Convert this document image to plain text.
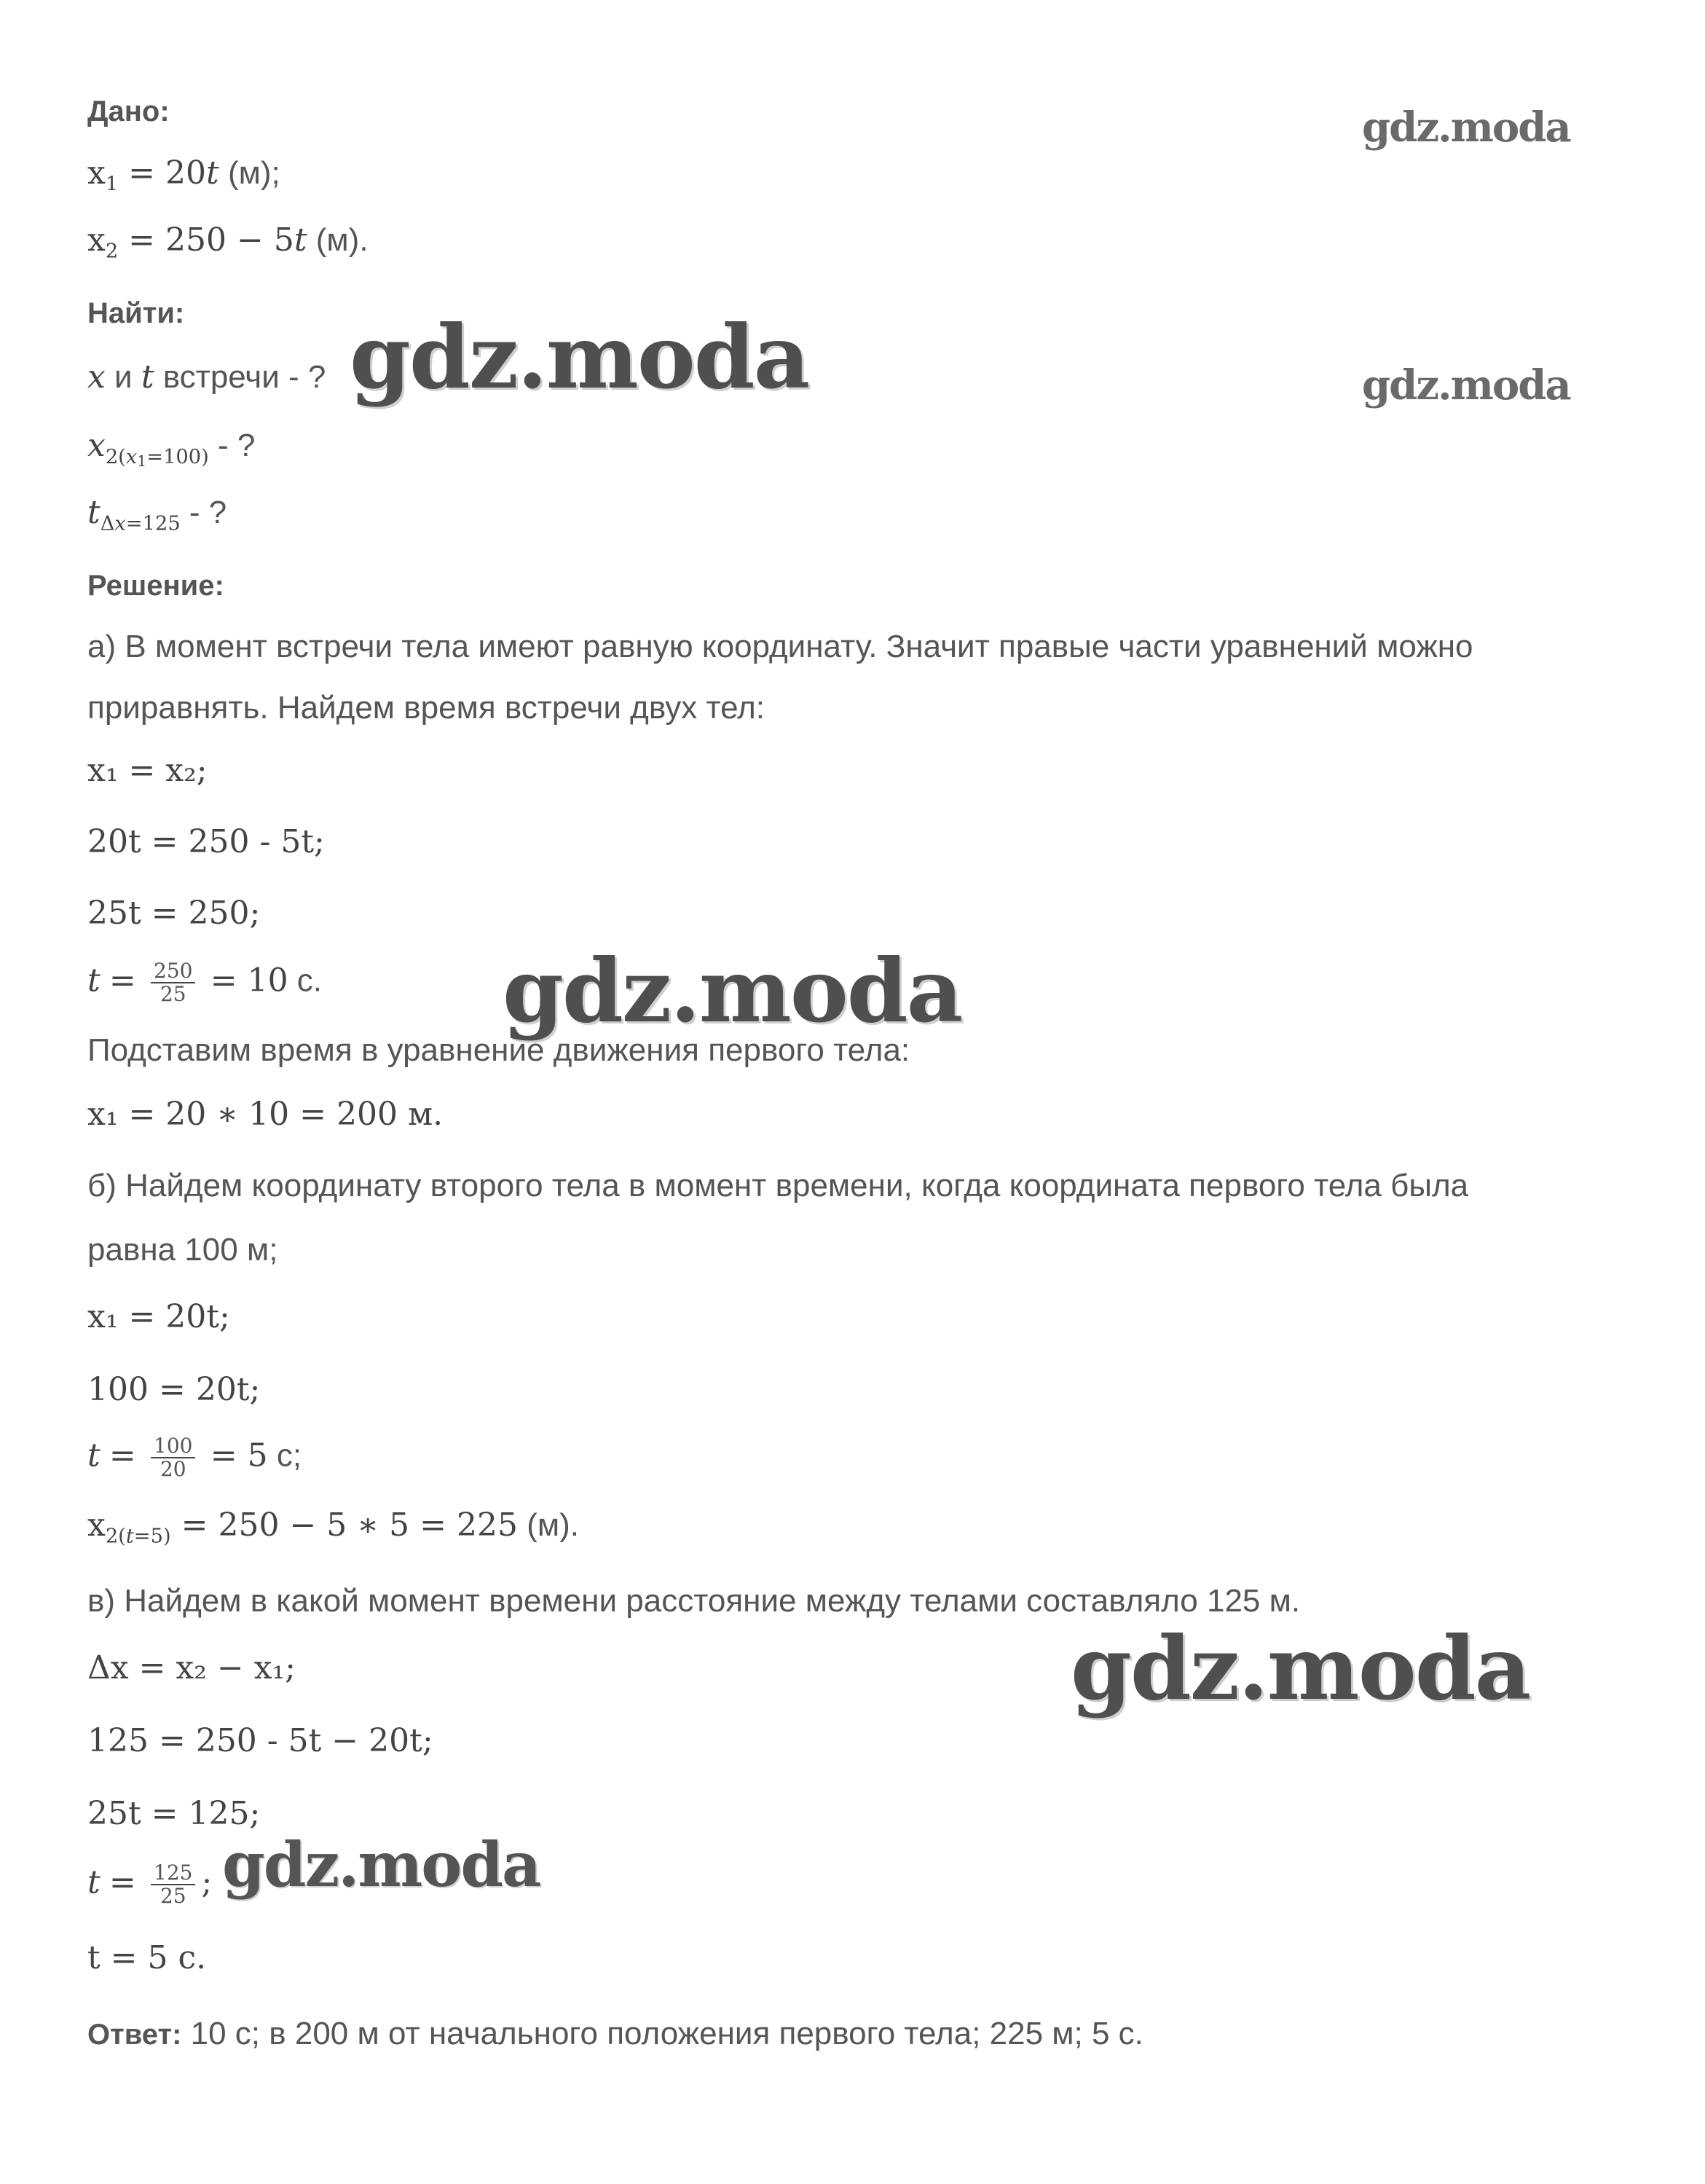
gdz.moda
gdz.moda
gdz.moda
gdz.moda
gdz.moda
gdz.moda
Дано:
$x_1 = 20t$ (м);
$x_2 = 250 - 5t$ (м).
Найти:
x и t встречи - ?
$x_{2(x1=100)}$ - ?
$t_{\Delta x=125}$ - ?
Решение:
а) В момент встречи тела имеют равную координату. Значит правые части уравнений можно
приравнять. Найдем время встречи двух тел:
x₁ = x₂;
20t = 250 - 5t;
25t = 250;
$t = \frac{250}{25} = 10$ с.
Подставим время в уравнение движения первого тела:
x₁ = 20 ∗ 10 = 200 м.
б) Найдем координату второго тела в момент времени, когда координата первого тела была
равна 100 м;
x₁ = 20t;
100 = 20t;
$t = \frac{100}{20} = 5$ с;
$x_{2(t=5)} = 250 - 5$ ∗ 5 = 225 (м).
в) Найдем в какой момент времени расстояние между телами составляло 125 м.
Δx = x₂ − x₁;
125 = 250 - 5t − 20t;
25t = 125;
$t = \frac{125}{25}$ ;
t = 5 с.
Ответ: 10 с; в 200 м от начального положения первого тела; 225 м; 5 с.
